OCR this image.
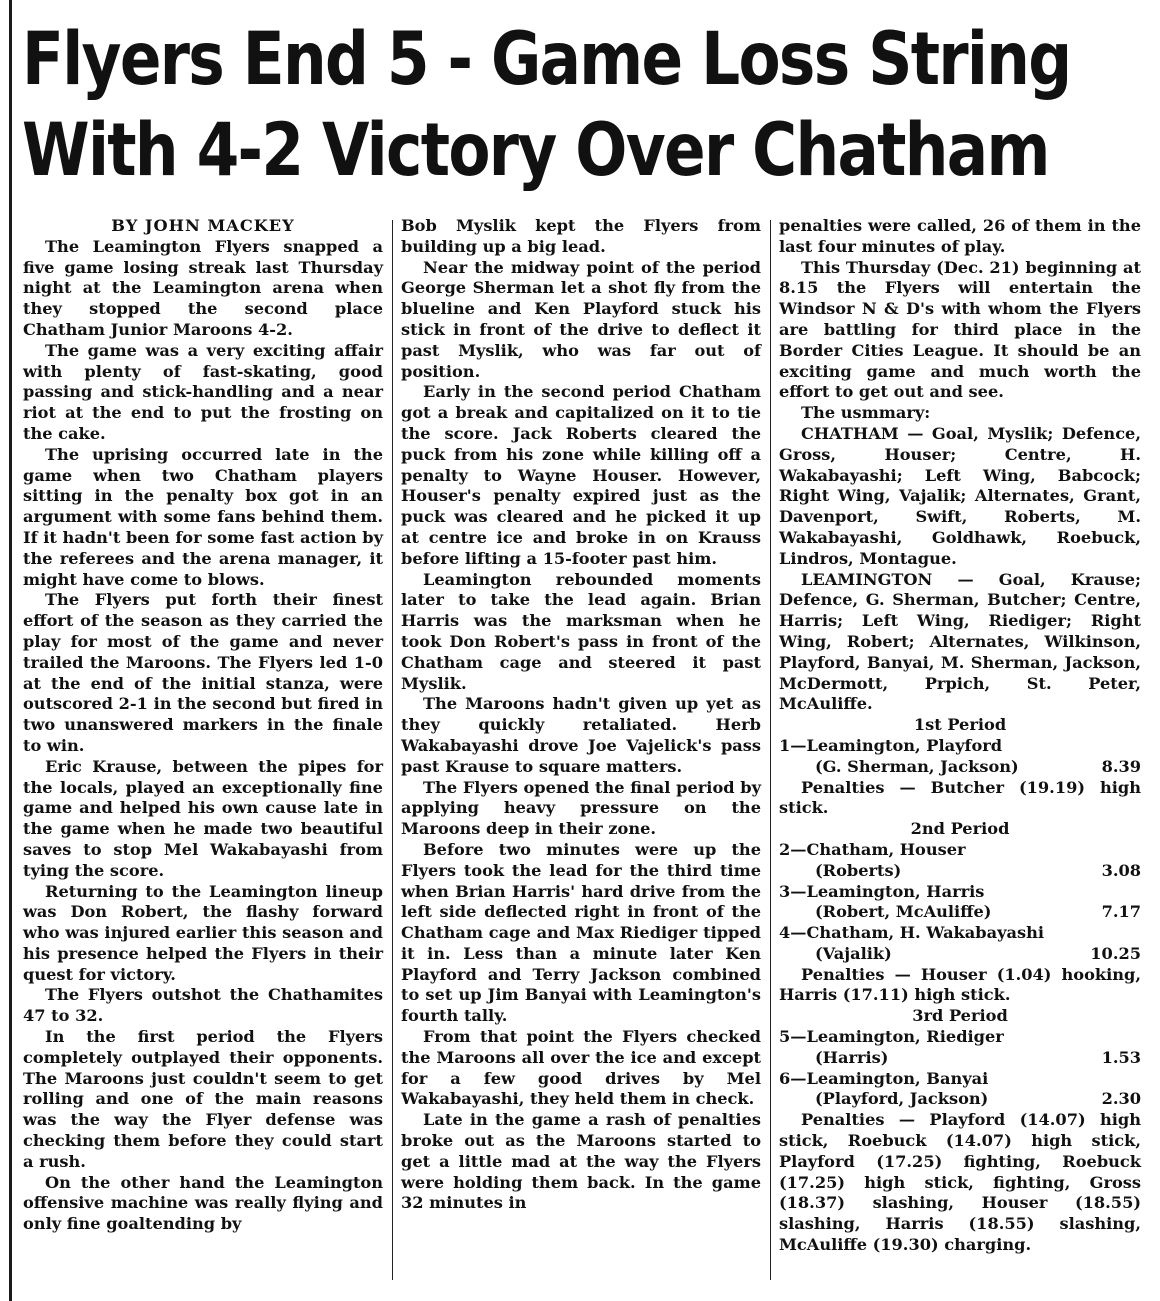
Flyers End 5 - Game Loss String
With 4-2 Victory Over Chatham

BY JOHN MACKEY

The Leamington Flyers snapped a five game losing streak last Thursday night at the Leamington arena when they stopped the second place Chatham Junior Maroons 4-2.

The game was a very exciting affair with plenty of fast-skating, good passing and stick-handling and a near riot at the end to put the frosting on the cake.

The uprising occurred late in the game when two Chatham players sitting in the penalty box got in an argument with some fans behind them. If it hadn't been for some fast action by the referees and the arena manager, it might have come to blows.

The Flyers put forth their finest effort of the season as they carried the play for most of the game and never trailed the Maroons. The Flyers led 1-0 at the end of the initial stanza, were outscored 2-1 in the second but fired in two unanswered markers in the finale to win.

Eric Krause, between the pipes for the locals, played an exceptionally fine game and helped his own cause late in the game when he made two beautiful saves to stop Mel Wakabayashi from tying the score.

Returning to the Leamington lineup was Don Robert, the flashy forward who was injured earlier this season and his presence helped the Flyers in their quest for victory.

The Flyers outshot the Chathamites 47 to 32.

In the first period the Flyers completely outplayed their opponents. The Maroons just couldn't seem to get rolling and one of the main reasons was the way the Flyer defense was checking them before they could start a rush.

On the other hand the Leamington offensive machine was really flying and only fine goaltending by

Bob Myslik kept the Flyers from building up a big lead.

Near the midway point of the period George Sherman let a shot fly from the blueline and Ken Playford stuck his stick in front of the drive to deflect it past Myslik, who was far out of position.

Early in the second period Chatham got a break and capitalized on it to tie the score. Jack Roberts cleared the puck from his zone while killing off a penalty to Wayne Houser. However, Houser's penalty expired just as the puck was cleared and he picked it up at centre ice and broke in on Krauss before lifting a 15-footer past him.

Leamington rebounded moments later to take the lead again. Brian Harris was the marksman when he took Don Robert's pass in front of the Chatham cage and steered it past Myslik.

The Maroons hadn't given up yet as they quickly retaliated. Herb Wakabayashi drove Joe Vajelick's pass past Krause to square matters.

The Flyers opened the final period by applying heavy pressure on the Maroons deep in their zone.

Before two minutes were up the Flyers took the lead for the third time when Brian Harris' hard drive from the left side deflected right in front of the Chatham cage and Max Riediger tipped it in. Less than a minute later Ken Playford and Terry Jackson combined to set up Jim Banyai with Leamington's fourth tally.

From that point the Flyers checked the Maroons all over the ice and except for a few good drives by Mel Wakabayashi, they held them in check.

Late in the game a rash of penalties broke out as the Maroons started to get a little mad at the way the Flyers were holding them back. In the game 32 minutes in

penalties were called, 26 of them in the last four minutes of play.

This Thursday (Dec. 21) beginning at 8.15 the Flyers will entertain the Windsor N & D's with whom the Flyers are battling for third place in the Border Cities League. It should be an exciting game and much worth the effort to get out and see.

The usmmary:

CHATHAM — Goal, Myslik; Defence, Gross, Houser; Centre, H. Wakabayashi; Left Wing, Babcock; Right Wing, Vajalik; Alternates, Grant, Davenport, Swift, Roberts, M. Wakabayashi, Goldhawk, Roebuck, Lindros, Montague.

LEAMINGTON — Goal, Krause; Defence, G. Sherman, Butcher; Centre, Harris; Left Wing, Riediger; Right Wing, Robert; Alternates, Wilkinson, Playford, Banyai, M. Sherman, Jackson, McDermott, Prpich, St. Peter, McAuliffe.

1st Period

1—Leamington, Playford
(G. Sherman, Jackson)	8.39

Penalties — Butcher (19.19) high stick.

2nd Period

2—Chatham, Houser
(Roberts)	3.08
3—Leamington, Harris
(Robert, McAuliffe)	7.17
4—Chatham, H. Wakabayashi
(Vajalik)	10.25

Penalties — Houser (1.04) hooking, Harris (17.11) high stick.

3rd Period

5—Leamington, Riediger
(Harris)	1.53
6—Leamington, Banyai
(Playford, Jackson)	2.30

Penalties — Playford (14.07) high stick, Roebuck (14.07) high stick, Playford (17.25) fighting, Roebuck (17.25) high stick, fighting, Gross (18.37) slashing, Houser (18.55) slashing, Harris (18.55) slashing, McAuliffe (19.30) charging.
